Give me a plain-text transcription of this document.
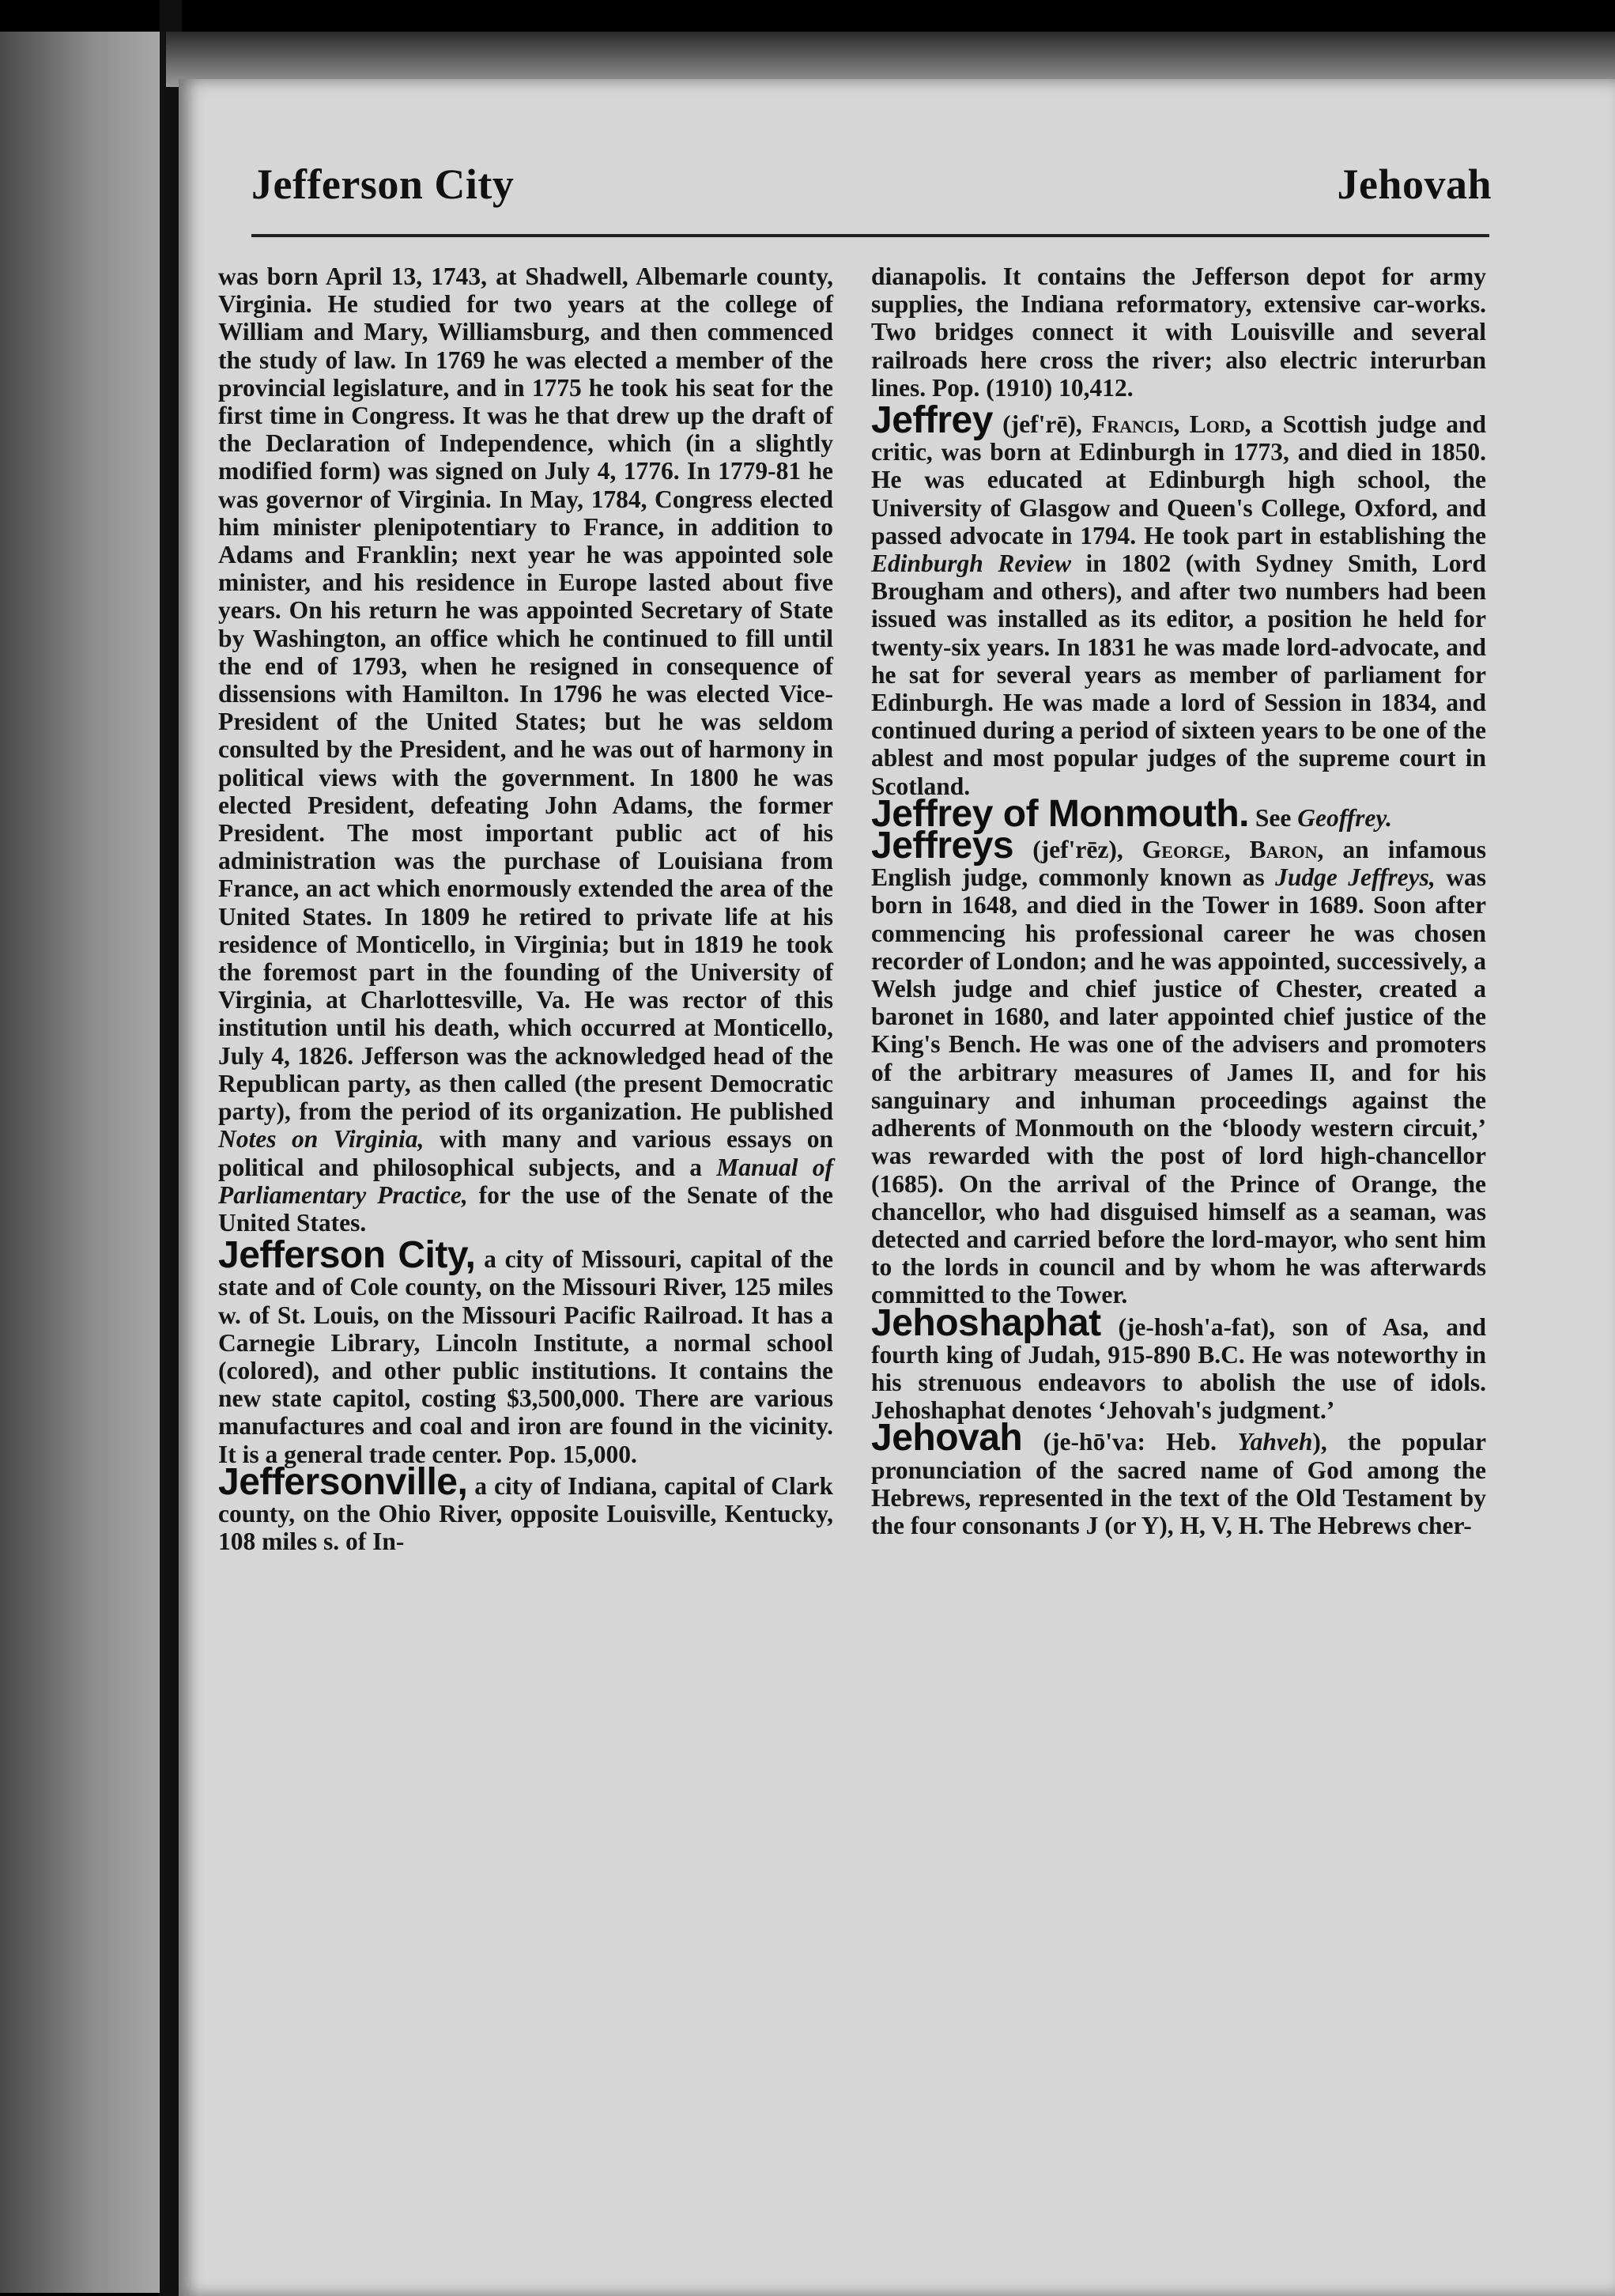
Jefferson City	Jehovah

was born April 13, 1743, at Shadwell, Albemarle county, Virginia. He studied for two years at the college of William and Mary, Williamsburg, and then commenced the study of law. In 1769 he was elected a member of the provincial legislature, and in 1775 he took his seat for the first time in Congress. It was he that drew up the draft of the Declaration of Independence, which (in a slightly modified form) was signed on July 4, 1776. In 1779-81 he was governor of Virginia. In May, 1784, Congress elected him minister plenipotentiary to France, in addition to Adams and Franklin; next year he was appointed sole minister, and his residence in Europe lasted about five years. On his return he was appointed Secretary of State by Washington, an office which he continued to fill until the end of 1793, when he resigned in consequence of dissensions with Hamilton. In 1796 he was elected Vice-President of the United States; but he was seldom consulted by the President, and he was out of harmony in political views with the government. In 1800 he was elected President, defeating John Adams, the former President. The most important public act of his administration was the purchase of Louisiana from France, an act which enormously extended the area of the United States. In 1809 he retired to private life at his residence of Monticello, in Virginia; but in 1819 he took the foremost part in the founding of the University of Virginia, at Charlottesville, Va. He was rector of this institution until his death, which occurred at Monticello, July 4, 1826. Jefferson was the acknowledged head of the Republican party, as then called (the present Democratic party), from the period of its organization. He published Notes on Virginia, with many and various essays on political and philosophical subjects, and a Manual of Parliamentary Practice, for the use of the Senate of the United States.

Jefferson City, a city of Missouri, capital of the state and of Cole county, on the Missouri River, 125 miles w. of St. Louis, on the Missouri Pacific Railroad. It has a Carnegie Library, Lincoln Institute, a normal school (colored), and other public institutions. It contains the new state capitol, costing $3,500,000. There are various manufactures and coal and iron are found in the vicinity. It is a general trade center. Pop. 15,000.

Jeffersonville, a city of Indiana, capital of Clark county, on the Ohio River, opposite Louisville, Kentucky, 108 miles s. of In-

dianapolis. It contains the Jefferson depot for army supplies, the Indiana reformatory, extensive car-works. Two bridges connect it with Louisville and several railroads here cross the river; also electric interurban lines. Pop. (1910) 10,412.

Jeffrey (jef'rē), Francis, Lord, a Scottish judge and critic, was born at Edinburgh in 1773, and died in 1850. He was educated at Edinburgh high school, the University of Glasgow and Queen's College, Oxford, and passed advocate in 1794. He took part in establishing the Edinburgh Review in 1802 (with Sydney Smith, Lord Brougham and others), and after two numbers had been issued was installed as its editor, a position he held for twenty-six years. In 1831 he was made lord-advocate, and he sat for several years as member of parliament for Edinburgh. He was made a lord of Session in 1834, and continued during a period of sixteen years to be one of the ablest and most popular judges of the supreme court in Scotland.

Jeffrey of Monmouth. See Geoffrey.

Jeffreys (jef'rēz), George, Baron, an infamous English judge, commonly known as Judge Jeffreys, was born in 1648, and died in the Tower in 1689. Soon after commencing his professional career he was chosen recorder of London; and he was appointed, successively, a Welsh judge and chief justice of Chester, created a baronet in 1680, and later appointed chief justice of the King's Bench. He was one of the advisers and promoters of the arbitrary measures of James II, and for his sanguinary and inhuman proceedings against the adherents of Monmouth on the ‘bloody western circuit,’ was rewarded with the post of lord high-chancellor (1685). On the arrival of the Prince of Orange, the chancellor, who had disguised himself as a seaman, was detected and carried before the lord-mayor, who sent him to the lords in council and by whom he was afterwards committed to the Tower.

Jehoshaphat (je-hosh'a-fat), son of Asa, and fourth king of Judah, 915-890 B.C. He was noteworthy in his strenuous endeavors to abolish the use of idols. Jehoshaphat denotes ‘Jehovah's judgment.’

Jehovah (je-hō'va: Heb. Yahveh), the popular pronunciation of the sacred name of God among the Hebrews, represented in the text of the Old Testament by the four consonants J (or Y), H, V, H. The Hebrews cher-
